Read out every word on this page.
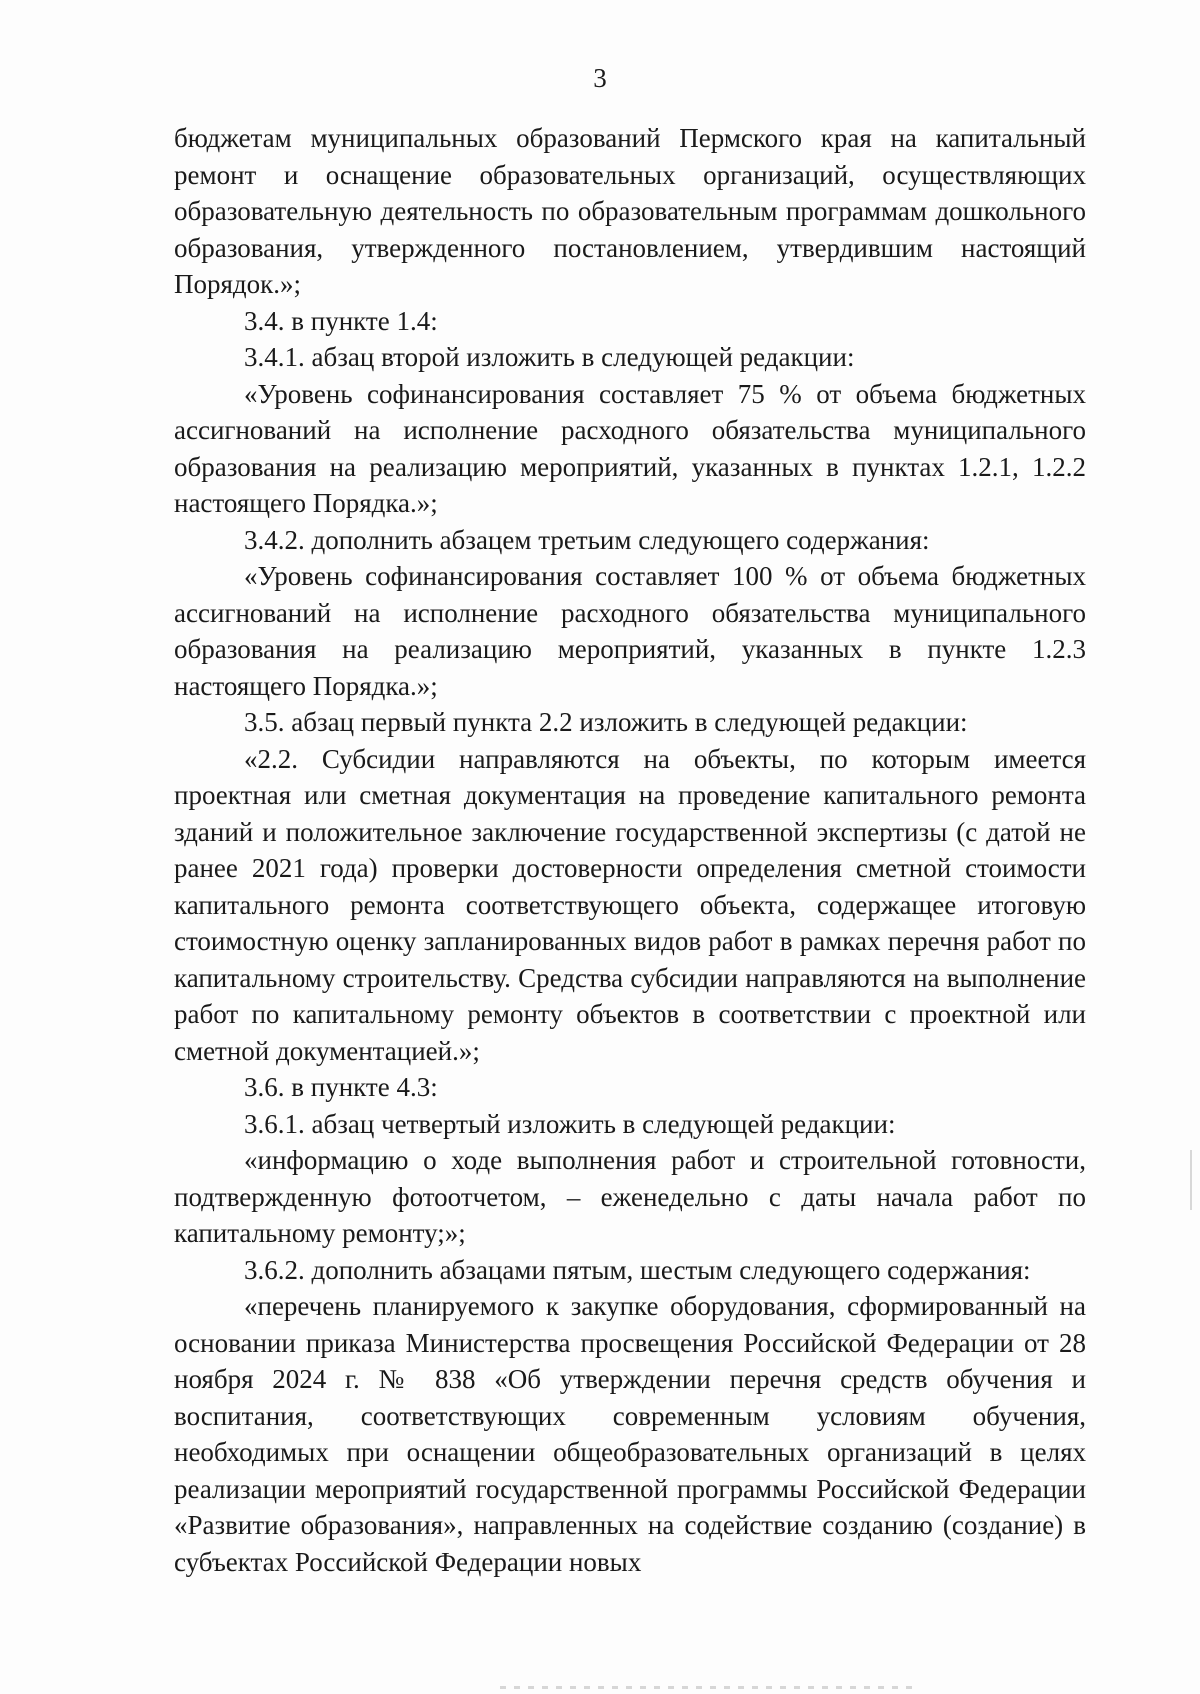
3

бюджетам муниципальных образований Пермского края на капитальный ремонт и оснащение образовательных организаций, осуществляющих образовательную деятельность по образовательным программам дошкольного образования, утвержденного постановлением, утвердившим настоящий Порядок.»;

3.4. в пункте 1.4:

3.4.1. абзац второй изложить в следующей редакции:

«Уровень софинансирования составляет 75 % от объема бюджетных ассигнований на исполнение расходного обязательства муниципального образования на реализацию мероприятий, указанных в пунктах 1.2.1, 1.2.2 настоящего Порядка.»;

3.4.2. дополнить абзацем третьим следующего содержания:

«Уровень софинансирования составляет 100 % от объема бюджетных ассигнований на исполнение расходного обязательства муниципального образования на реализацию мероприятий, указанных в пункте 1.2.3 настоящего Порядка.»;

3.5. абзац первый пункта 2.2 изложить в следующей редакции:

«2.2. Субсидии направляются на объекты, по которым имеется проектная или сметная документация на проведение капитального ремонта зданий и положительное заключение государственной экспертизы (с датой не ранее 2021 года) проверки достоверности определения сметной стоимости капитального ремонта соответствующего объекта, содержащее итоговую стоимостную оценку запланированных видов работ в рамках перечня работ по капитальному строительству. Средства субсидии направляются на выполнение работ по капитальному ремонту объектов в соответствии с проектной или сметной документацией.»;

3.6. в пункте 4.3:

3.6.1. абзац четвертый изложить в следующей редакции:

«информацию о ходе выполнения работ и строительной готовности, подтвержденную фотоотчетом, – еженедельно с даты начала работ по капитальному ремонту;»;

3.6.2. дополнить абзацами пятым, шестым следующего содержания:

«перечень планируемого к закупке оборудования, сформированный на основании приказа Министерства просвещения Российской Федерации от 28 ноября 2024 г. № 838 «Об утверждении перечня средств обучения и воспитания, соответствующих современным условиям обучения, необходимых при оснащении общеобразовательных организаций в целях реализации мероприятий государственной программы Российской Федерации «Развитие образования», направленных на содействие созданию (создание) в субъектах Российской Федерации новых
